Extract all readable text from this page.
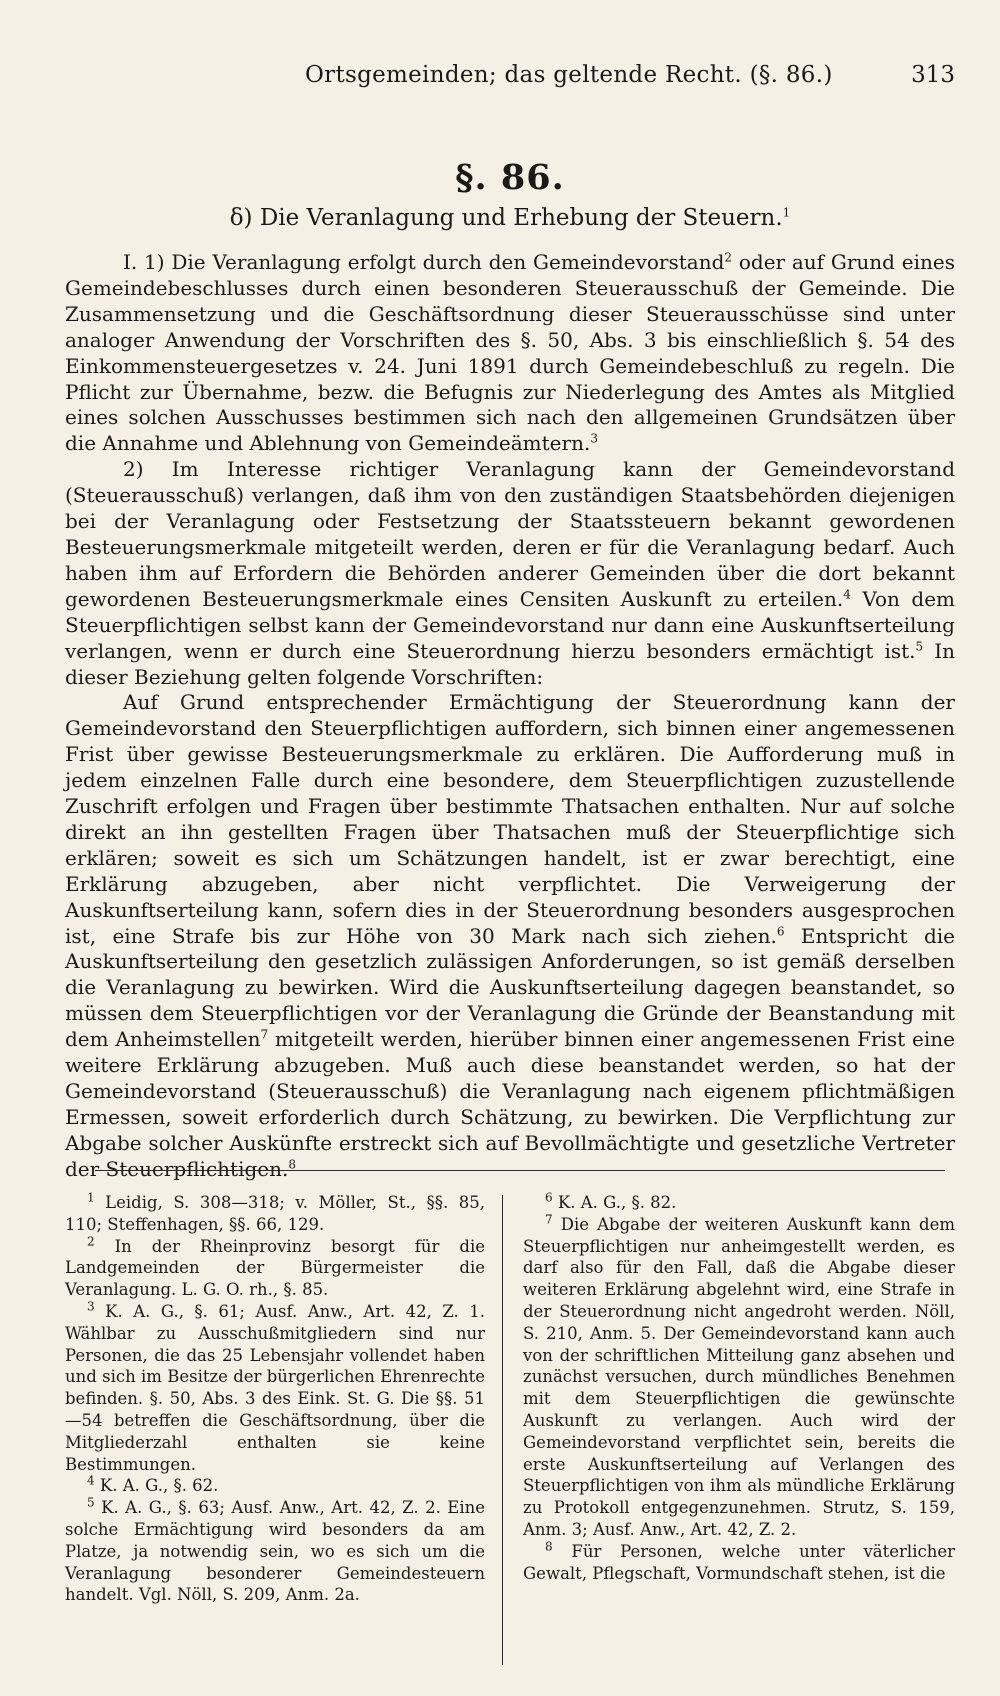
Ortsgemeinden; das geltende Recht. (§. 86.)	313
§. 86.
δ) Die Veranlagung und Erhebung der Steuern.$^1$

I. 1) Die Veranlagung erfolgt durch den Gemeindevorstand$^2$ oder auf Grund eines Gemeindebeschlusses durch einen besonderen Steuerausschuß der Gemeinde. Die Zusammensetzung und die Geschäftsordnung dieser Steuerausschüsse sind unter analoger Anwendung der Vorschriften des §. 50, Abs. 3 bis einschließlich §. 54 des Einkommensteuergesetzes v. 24. Juni 1891 durch Gemeindebeschluß zu regeln. Die Pflicht zur Übernahme, bezw. die Befugnis zur Niederlegung des Amtes als Mitglied eines solchen Ausschusses bestimmen sich nach den allgemeinen Grundsätzen über die Annahme und Ablehnung von Gemeindeämtern.$^3$

2) Im Interesse richtiger Veranlagung kann der Gemeindevorstand (Steuerausschuß) verlangen, daß ihm von den zuständigen Staatsbehörden diejenigen bei der Veranlagung oder Festsetzung der Staatssteuern bekannt gewordenen Besteuerungsmerkmale mitgeteilt werden, deren er für die Veranlagung bedarf. Auch haben ihm auf Erfordern die Behörden anderer Gemeinden über die dort bekannt gewordenen Besteuerungsmerkmale eines Censiten Auskunft zu erteilen.$^4$ Von dem Steuerpflichtigen selbst kann der Gemeindevorstand nur dann eine Auskunftserteilung verlangen, wenn er durch eine Steuerordnung hierzu besonders ermächtigt ist.$^5$ In dieser Beziehung gelten folgende Vorschriften:

Auf Grund entsprechender Ermächtigung der Steuerordnung kann der Gemeindevorstand den Steuerpflichtigen auffordern, sich binnen einer angemessenen Frist über gewisse Besteuerungsmerkmale zu erklären. Die Aufforderung muß in jedem einzelnen Falle durch eine besondere, dem Steuerpflichtigen zuzustellende Zuschrift erfolgen und Fragen über bestimmte Thatsachen enthalten. Nur auf solche direkt an ihn gestellten Fragen über Thatsachen muß der Steuerpflichtige sich erklären; soweit es sich um Schätzungen handelt, ist er zwar berechtigt, eine Erklärung abzugeben, aber nicht verpflichtet. Die Verweigerung der Auskunftserteilung kann, sofern dies in der Steuerordnung besonders ausgesprochen ist, eine Strafe bis zur Höhe von 30 Mark nach sich ziehen.$^6$ Entspricht die Auskunftserteilung den gesetzlich zulässigen Anforderungen, so ist gemäß derselben die Veranlagung zu bewirken. Wird die Auskunftserteilung dagegen beanstandet, so müssen dem Steuerpflichtigen vor der Veranlagung die Gründe der Beanstandung mit dem Anheimstellen$^7$ mitgeteilt werden, hierüber binnen einer angemessenen Frist eine weitere Erklärung abzugeben. Muß auch diese beanstandet werden, so hat der Gemeindevorstand (Steuerausschuß) die Veranlagung nach eigenem pflichtmäßigen Ermessen, soweit erforderlich durch Schätzung, zu bewirken. Die Verpflichtung zur Abgabe solcher Auskünfte erstreckt sich auf Bevollmächtigte und gesetzliche Vertreter der Steuerpflichtigen.$^8$

$^1$ Leidig, S. 308—318; v. Möller, St., §§. 85, 110; Steffenhagen, §§. 66, 129.

$^2$ In der Rheinprovinz besorgt für die Landgemeinden der Bürgermeister die Veranlagung. L. G. O. rh., §. 85.

$^3$ K. A. G., §. 61; Ausf. Anw., Art. 42, Z. 1. Wählbar zu Ausschußmitgliedern sind nur Personen, die das 25 Lebensjahr vollendet haben und sich im Besitze der bürgerlichen Ehrenrechte befinden. §. 50, Abs. 3 des Eink. St. G. Die §§. 51—54 betreffen die Geschäftsordnung, über die Mitgliederzahl enthalten sie keine Bestimmungen.

$^4$ K. A. G., §. 62.

$^5$ K. A. G., §. 63; Ausf. Anw., Art. 42, Z. 2. Eine solche Ermächtigung wird besonders da am Platze, ja notwendig sein, wo es sich um die Veranlagung besonderer Gemeindesteuern handelt. Vgl. Nöll, S. 209, Anm. 2a.

$^6$ K. A. G., §. 82.

$^7$ Die Abgabe der weiteren Auskunft kann dem Steuerpflichtigen nur anheimgestellt werden, es darf also für den Fall, daß die Abgabe dieser weiteren Erklärung abgelehnt wird, eine Strafe in der Steuerordnung nicht angedroht werden. Nöll, S. 210, Anm. 5. Der Gemeindevorstand kann auch von der schriftlichen Mitteilung ganz absehen und zunächst versuchen, durch mündliches Benehmen mit dem Steuerpflichtigen die gewünschte Auskunft zu verlangen. Auch wird der Gemeindevorstand verpflichtet sein, bereits die erste Auskunftserteilung auf Verlangen des Steuerpflichtigen von ihm als mündliche Erklärung zu Protokoll entgegenzunehmen. Strutz, S. 159, Anm. 3; Ausf. Anw., Art. 42, Z. 2.

$^8$ Für Personen, welche unter väterlicher Gewalt, Pflegschaft, Vormundschaft stehen, ist die
